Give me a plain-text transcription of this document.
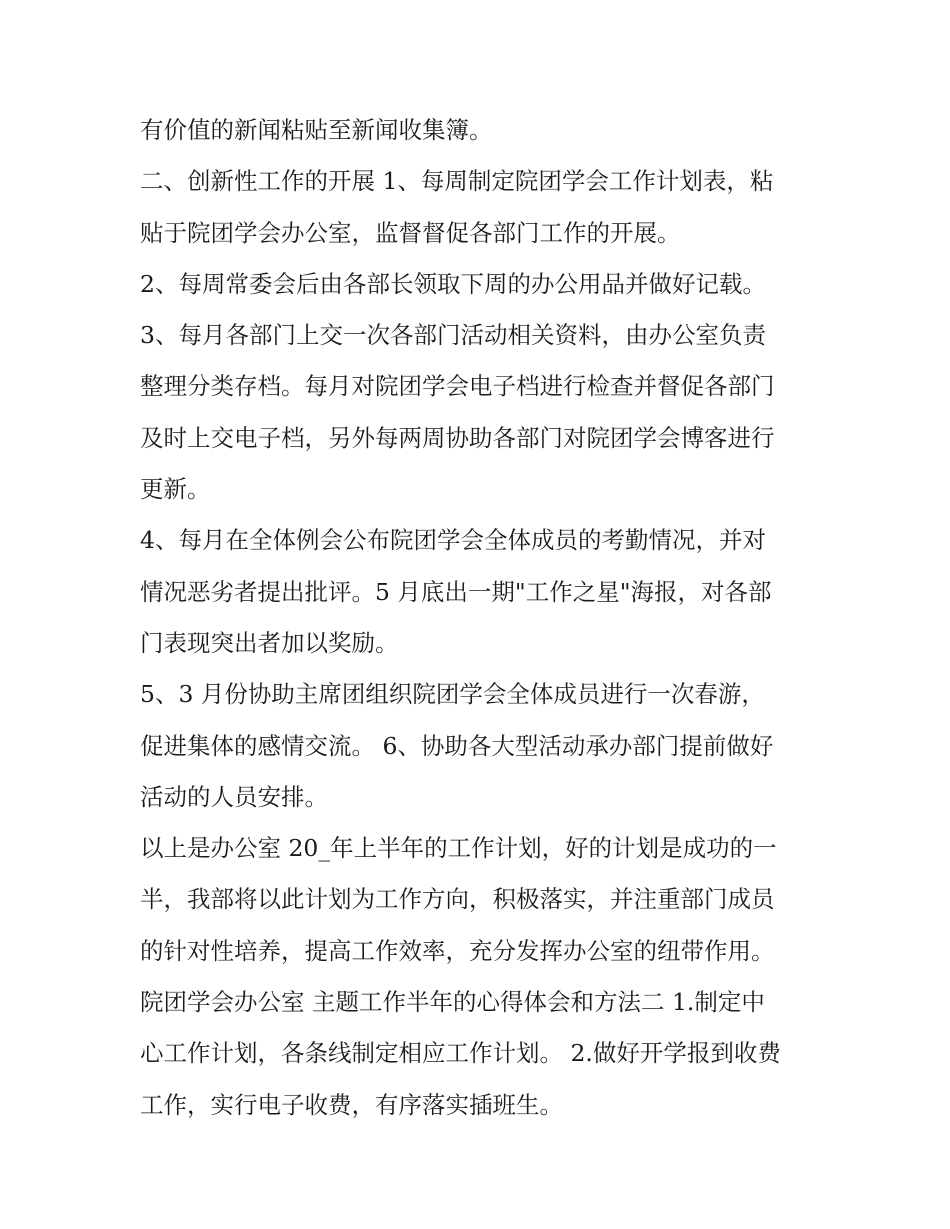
有价值的新闻粘贴至新闻收集簿。
二、创新性工作的开展 1、每周制定院团学会工作计划表，粘
贴于院团学会办公室，监督督促各部门工作的开展。
2、每周常委会后由各部长领取下周的办公用品并做好记载。
3、每月各部门上交一次各部门活动相关资料，由办公室负责
整理分类存档。每月对院团学会电子档进行检查并督促各部门
及时上交电子档，另外每两周协助各部门对院团学会博客进行
更新。
4、每月在全体例会公布院团学会全体成员的考勤情况，并对
情况恶劣者提出批评。5 月底出一期"工作之星"海报，对各部
门表现突出者加以奖励。
5、3 月份协助主席团组织院团学会全体成员进行一次春游，
促进集体的感情交流。 6、协助各大型活动承办部门提前做好
活动的人员安排。
以上是办公室 20_年上半年的工作计划，好的计划是成功的一
半，我部将以此计划为工作方向，积极落实，并注重部门成员
的针对性培养，提高工作效率，充分发挥办公室的纽带作用。
院团学会办公室 主题工作半年的心得体会和方法二 1.制定中
心工作计划，各条线制定相应工作计划。 2.做好开学报到收费
工作，实行电子收费，有序落实插班生。
